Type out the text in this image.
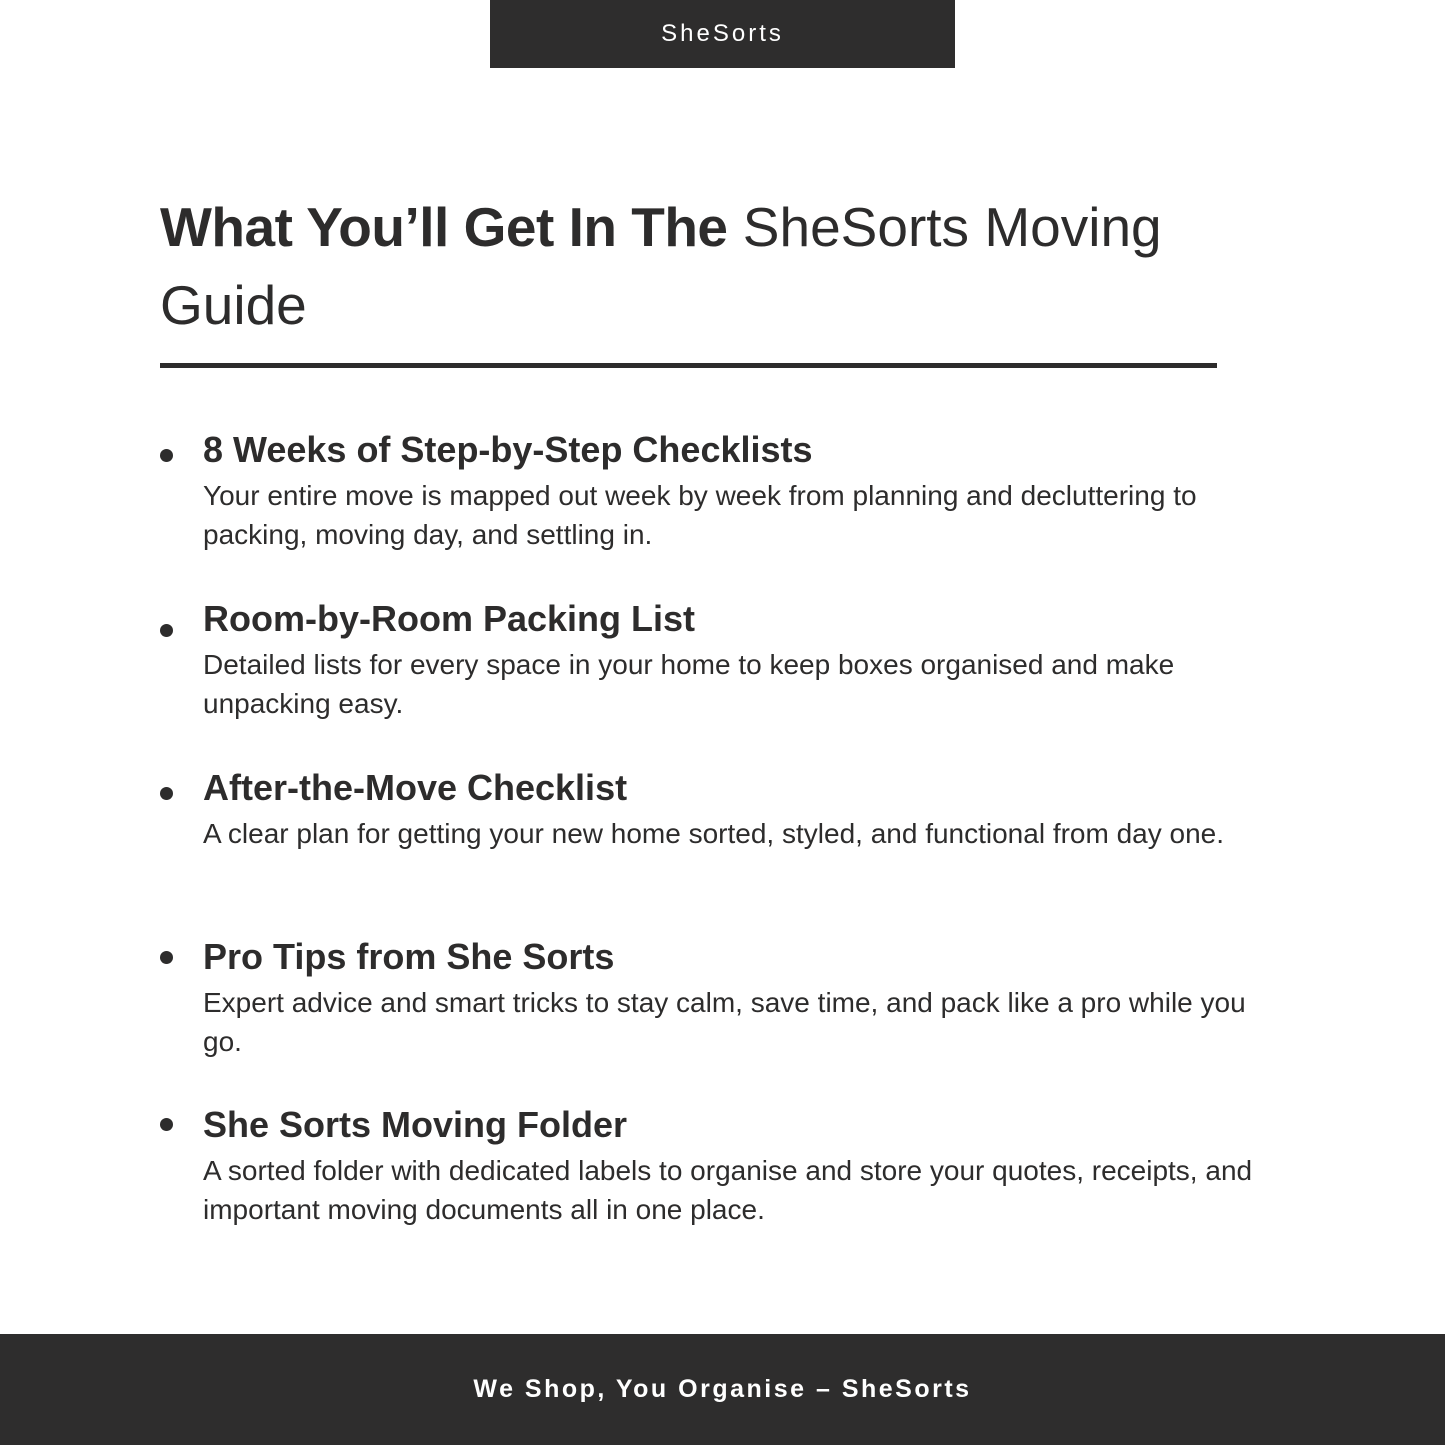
SheSorts
What You’ll Get In The SheSorts Moving Guide
8 Weeks of Step-by-Step Checklists

Your entire move is mapped out week by week from planning and decluttering to packing, moving day, and settling in.

Room-by-Room Packing List

Detailed lists for every space in your home to keep boxes organised and make unpacking easy.

After-the-Move Checklist

A clear plan for getting your new home sorted, styled, and functional from day one.

Pro Tips from She Sorts

Expert advice and smart tricks to stay calm, save time, and pack like a pro while you go.

She Sorts Moving Folder

A sorted folder with dedicated labels to organise and store your quotes, receipts, and important moving documents all in one place.

We Shop, You Organise – SheSorts
